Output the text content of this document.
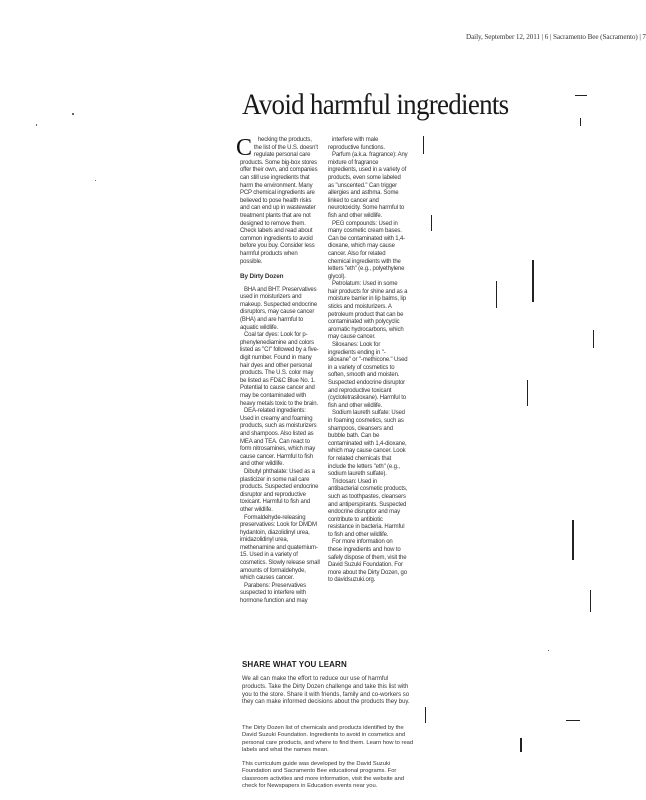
Daily, September 12, 2011 | 6 | Sacramento Bee (Sacramento) | 7
Avoid harmful ingredients
C	hecking the products, the list of the U.S. doesn't regulate personal care products. Some big-box stores offer their own, and companies can still use ingredients that harm the environment. Many PCP chemical ingredients are believed to pose health risks and can end up in wastewater treatment plants that are not designed to remove them. Check labels and read about common ingredients to avoid before you buy. Consider less harmful products when possible.

By Dirty Dozen

BHA and BHT: Preservatives used in moisturizers and makeup. Suspected endocrine disruptors, may cause cancer (BHA) and are harmful to aquatic wildlife.

Coal tar dyes: Look for p-phenylenediamine and colors listed as "CI" followed by a five-digit number. Found in many hair dyes and other personal products. The U.S. color may be listed as FD&C Blue No. 1. Potential to cause cancer and may be contaminated with heavy metals toxic to the brain.

DEA-related ingredients: Used in creamy and foaming products, such as moisturizers and shampoos. Also listed as MEA and TEA. Can react to form nitrosamines, which may cause cancer. Harmful to fish and other wildlife.

Dibutyl phthalate: Used as a plasticizer in some nail care products. Suspected endocrine disruptor and reproductive toxicant. Harmful to fish and other wildlife.

Formaldehyde-releasing preservatives: Look for DMDM hydantoin, diazolidinyl urea, imidazolidinyl urea, methenamine and quaternium-15. Used in a variety of cosmetics. Slowly release small amounts of formaldehyde, which causes cancer.

Parabens: Preservatives suspected to interfere with hormone function and may

interfere with male reproductive functions.

Parfum (a.k.a. fragrance): Any mixture of fragrance ingredients, used in a variety of products, even some labeled as "unscented." Can trigger allergies and asthma. Some linked to cancer and neurotoxicity. Some harmful to fish and other wildlife.

PEG compounds: Used in many cosmetic cream bases. Can be contaminated with 1,4-dioxane, which may cause cancer. Also for related chemical ingredients with the letters "eth" (e.g., polyethylene glycol).

Petrolatum: Used in some hair products for shine and as a moisture barrier in lip balms, lip sticks and moisturizers. A petroleum product that can be contaminated with polycyclic aromatic hydrocarbons, which may cause cancer.

Siloxanes: Look for ingredients ending in "-siloxane" or "-methicone." Used in a variety of cosmetics to soften, smooth and moisten. Suspected endocrine disruptor and reproductive toxicant (cyclotetrasiloxane). Harmful to fish and other wildlife.

Sodium laureth sulfate: Used in foaming cosmetics, such as shampoos, cleansers and bubble bath. Can be contaminated with 1,4-dioxane, which may cause cancer. Look for related chemicals that include the letters "eth" (e.g., sodium laureth sulfate).

Triclosan: Used in antibacterial cosmetic products, such as toothpastes, cleansers and antiperspirants. Suspected endocrine disruptor and may contribute to antibiotic resistance in bacteria. Harmful to fish and other wildlife.

For more information on these ingredients and how to safely dispose of them, visit the David Suzuki Foundation. For more about the Dirty Dozen, go to davidsuzuki.org.

SHARE WHAT YOU LEARN
We all can make the effort to reduce our use of harmful products. Take the Dirty Dozen challenge and take this list with you to the store. Share it with friends, family and co-workers so they can make informed decisions about the products they buy.
The Dirty Dozen list of chemicals and products identified by the David Suzuki Foundation. Ingredients to avoid in cosmetics and personal care products, and where to find them. Learn how to read labels and what the names mean.
This curriculum guide was developed by the David Suzuki Foundation and Sacramento Bee educational programs. For classroom activities and more information, visit the website and check for Newspapers in Education events near you.
